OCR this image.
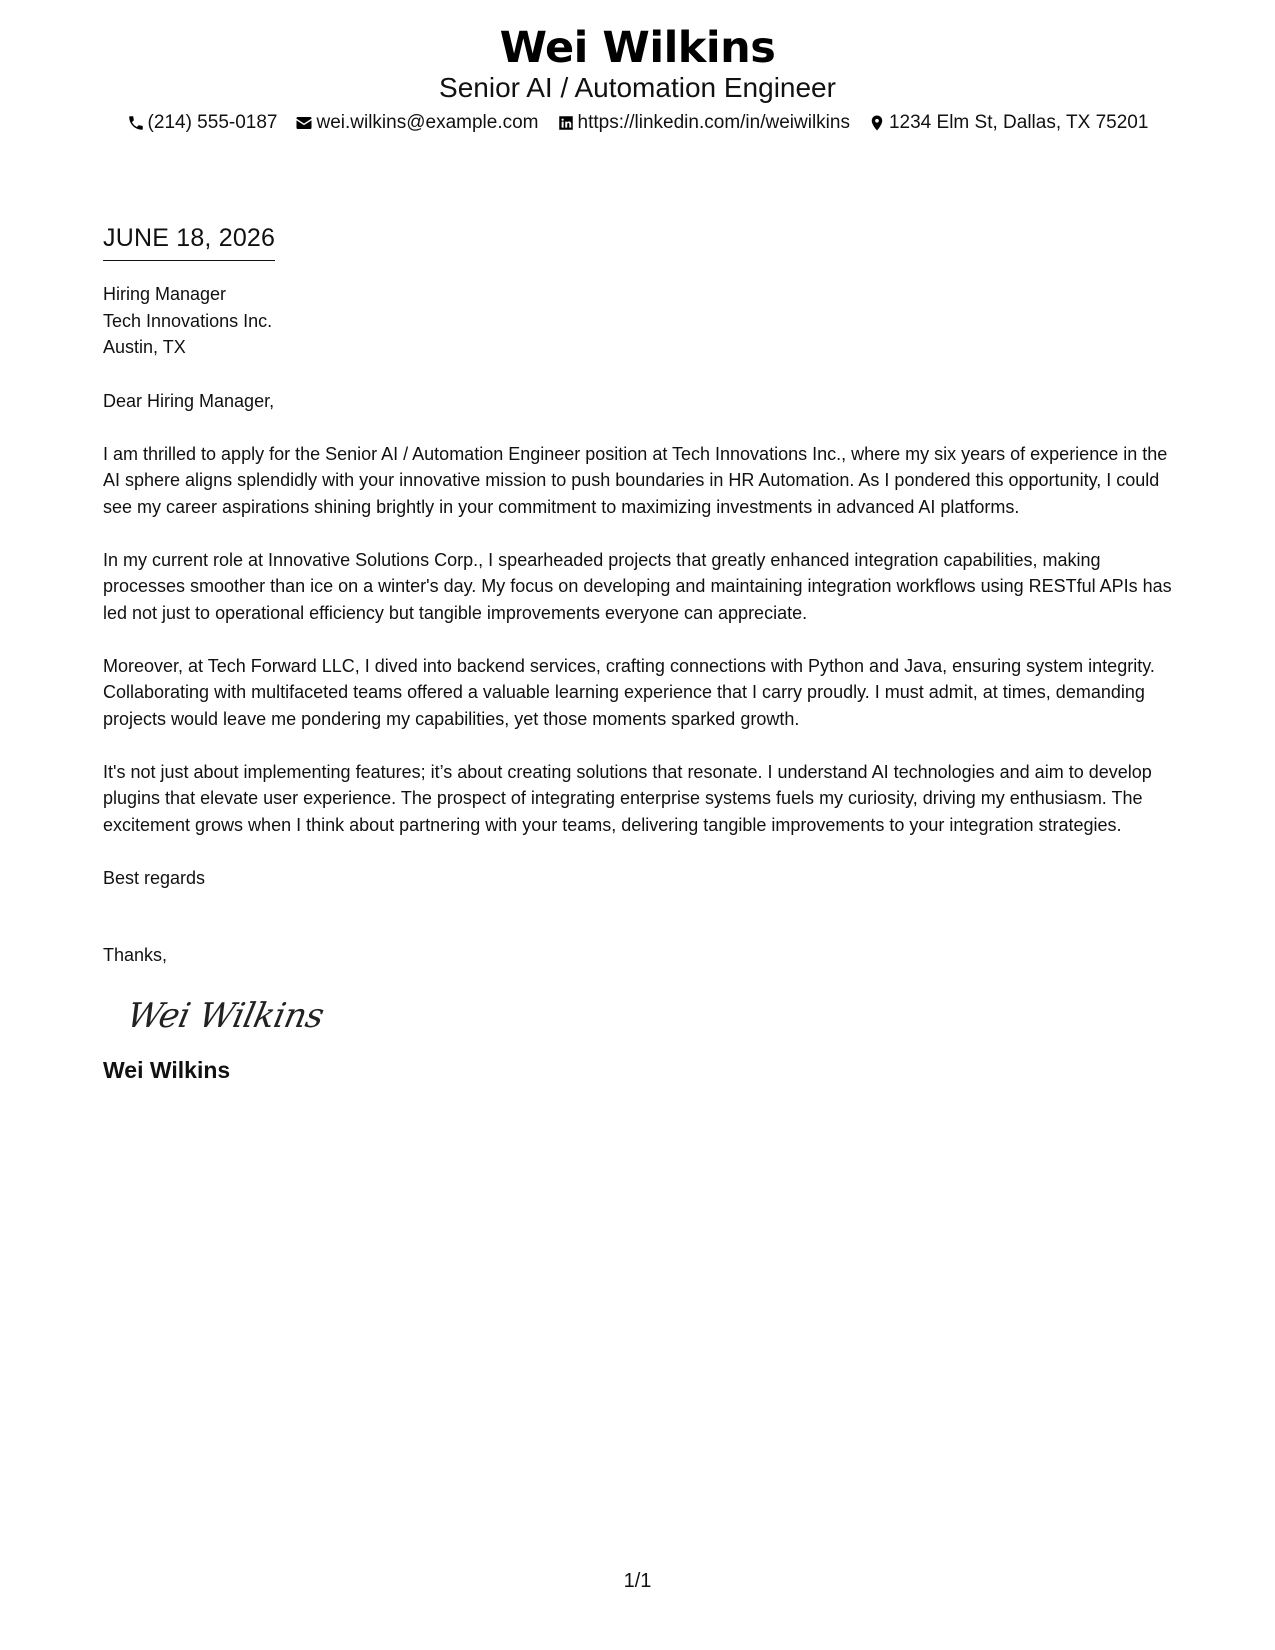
Wei Wilkins
Senior AI / Automation Engineer
(214) 555-0187 wei.wilkins@example.com https://linkedin.com/in/weiwilkins 1234 Elm St, Dallas, TX 75201
JUNE 18, 2026
Hiring Manager
Tech Innovations Inc.
Austin, TX
Dear Hiring Manager,
I am thrilled to apply for the Senior AI / Automation Engineer position at Tech Innovations Inc., where my six years of experience in the AI sphere aligns splendidly with your innovative mission to push boundaries in HR Automation. As I pondered this opportunity, I could see my career aspirations shining brightly in your commitment to maximizing investments in advanced AI platforms.
In my current role at Innovative Solutions Corp., I spearheaded projects that greatly enhanced integration capabilities, making processes smoother than ice on a winter's day. My focus on developing and maintaining integration workflows using RESTful APIs has led not just to operational efficiency but tangible improvements everyone can appreciate.
Moreover, at Tech Forward LLC, I dived into backend services, crafting connections with Python and Java, ensuring system integrity. Collaborating with multifaceted teams offered a valuable learning experience that I carry proudly. I must admit, at times, demanding projects would leave me pondering my capabilities, yet those moments sparked growth.
It's not just about implementing features; it’s about creating solutions that resonate. I understand AI technologies and aim to develop plugins that elevate user experience. The prospect of integrating enterprise systems fuels my curiosity, driving my enthusiasm. The excitement grows when I think about partnering with your teams, delivering tangible improvements to your integration strategies.
Best regards
Thanks,
Wei Wilkins
Wei Wilkins
1/1
